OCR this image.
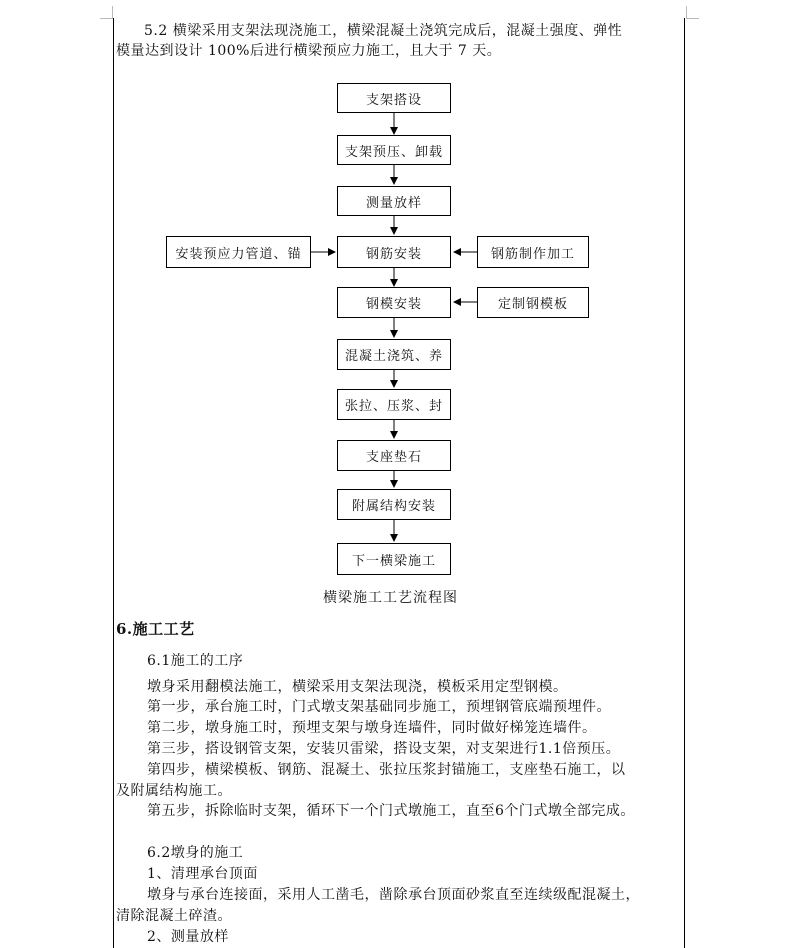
5.2 横梁采用支架法现浇施工，横梁混凝土浇筑完成后，混凝土强度、弹性
模量达到设计 100%后进行横梁预应力施工，且大于 7 天。
支架搭设
支架预压、卸载
测量放样
钢筋安装
钢模安装
混凝土浇筑、养
张拉、压浆、封
支座垫石
附属结构安装
下一横梁施工
安装预应力管道、锚	钢筋制作加工
定制钢模板
横梁施工工艺流程图
6.施工工艺
6.1施工的工序
墩身采用翻模法施工，横梁采用支架法现浇，模板采用定型钢模。
第一步，承台施工时，门式墩支架基础同步施工，预埋钢管底端预埋件。
第二步，墩身施工时，预埋支架与墩身连墙件，同时做好梯笼连墙件。
第三步，搭设钢管支架，安装贝雷梁，搭设支架，对支架进行1.1倍预压。
第四步，横梁模板、钢筋、混凝土、张拉压浆封锚施工，支座垫石施工，以
及附属结构施工。
第五步，拆除临时支架，循环下一个门式墩施工，直至6个门式墩全部完成。
6.2墩身的施工
1、清理承台顶面
墩身与承台连接面，采用人工凿毛，凿除承台顶面砂浆直至连续级配混凝土，
清除混凝土碎渣。
2、测量放样
